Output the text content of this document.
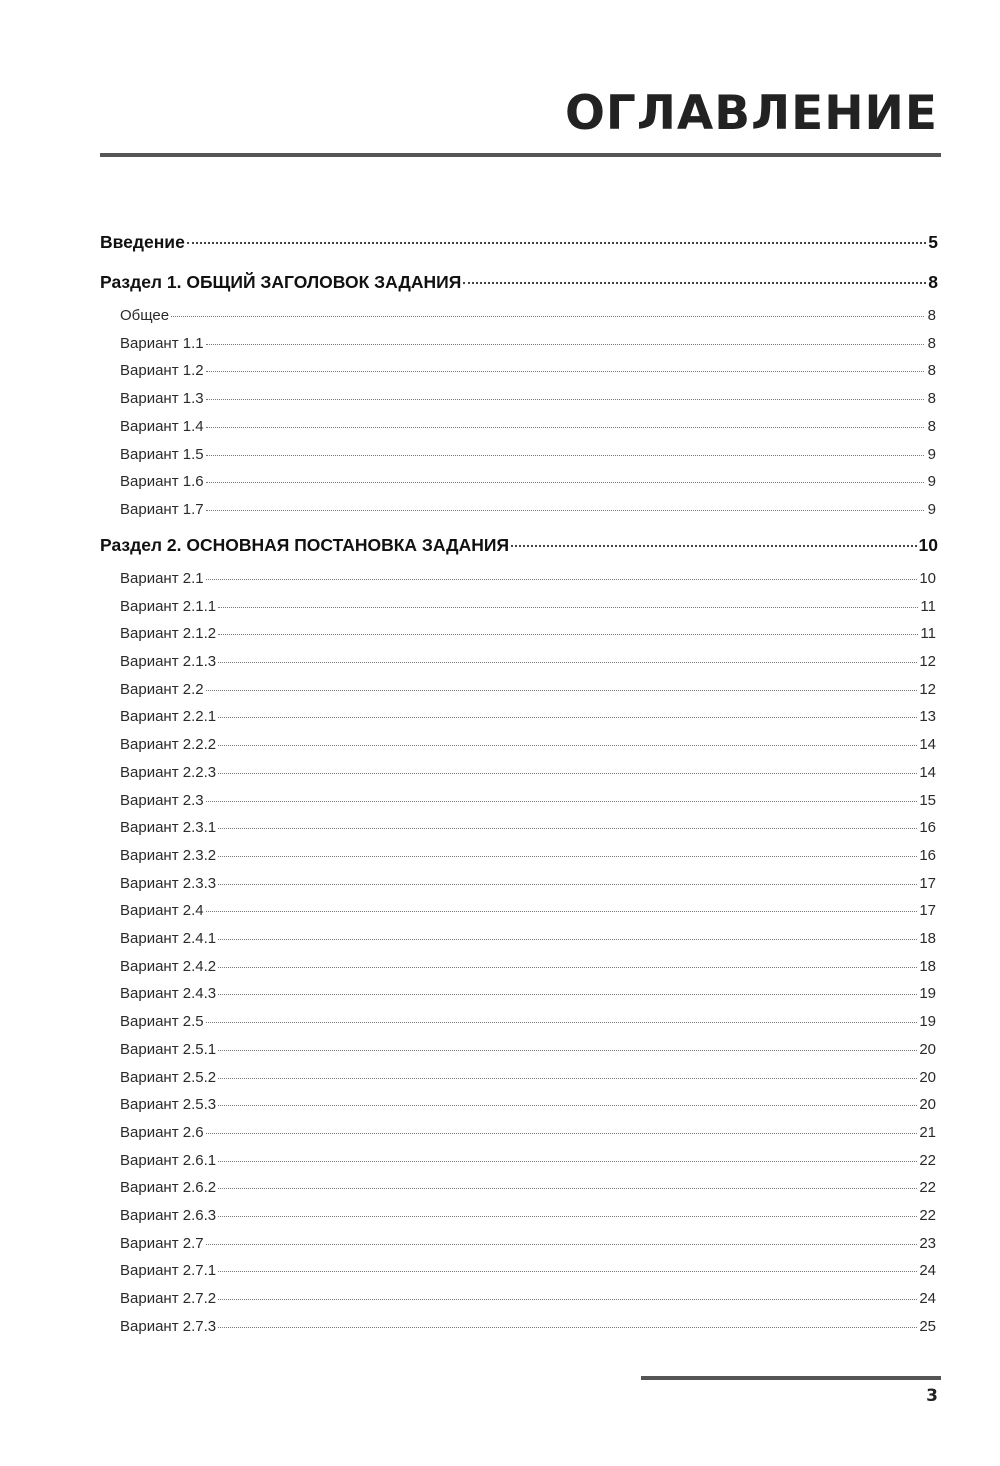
ОГЛАВЛЕНИЕ
Введение	5
Раздел 1. ОБЩИЙ ЗАГОЛОВОК ЗАДАНИЯ	8
Общее	8
Вариант 1.1	8
Вариант 1.2	8
Вариант 1.3	8
Вариант 1.4	8
Вариант 1.5	9
Вариант 1.6	9
Вариант 1.7	9
Раздел 2. ОСНОВНАЯ ПОСТАНОВКА ЗАДАНИЯ	10
Вариант 2.1	10
Вариант 2.1.1	11
Вариант 2.1.2	11
Вариант 2.1.3	12
Вариант 2.2	12
Вариант 2.2.1	13
Вариант 2.2.2	14
Вариант 2.2.3	14
Вариант 2.3	15
Вариант 2.3.1	16
Вариант 2.3.2	16
Вариант 2.3.3	17
Вариант 2.4	17
Вариант 2.4.1	18
Вариант 2.4.2	18
Вариант 2.4.3	19
Вариант 2.5	19
Вариант 2.5.1	20
Вариант 2.5.2	20
Вариант 2.5.3	20
Вариант 2.6	21
Вариант 2.6.1	22
Вариант 2.6.2	22
Вариант 2.6.3	22
Вариант 2.7	23
Вариант 2.7.1	24
Вариант 2.7.2	24
Вариант 2.7.3	25
3
